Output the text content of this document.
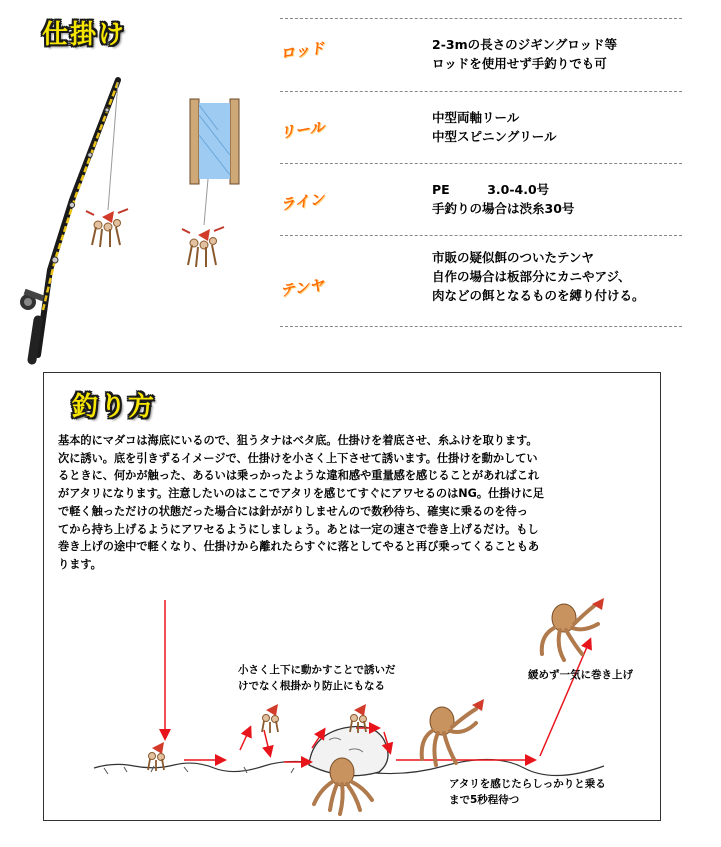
仕掛け
ロッド	2-3mの長さのジギングロッド等
ロッドを使用せず手釣りでも可
リール
中型両軸リール
中型スピニングリール
ライン
PE　　　3.0-4.0号
手釣りの場合は渋糸30号
テンヤ
市販の疑似餌のついたテンヤ
自作の場合は板部分にカニやアジ、
肉などの餌となるものを縛り付ける。
釣り方

基本的にマダコは海底にいるので、狙うタナはベタ底。仕掛けを着底させ、糸ふけを取ります。

次に誘い。底を引きずるイメージで、仕掛けを小さく上下させて誘います。仕掛けを動かしてい

るときに、何かが触った、あるいは乗っかったような違和感や重量感を感じることがあればこれ

がアタリになります。注意したいのはここでアタリを感じてすぐにアワセるのはNG。仕掛けに足

で軽く触っただけの状態だった場合には針ががりしませんので数秒待ち、確実に乗るのを待っ

てから持ち上げるようにアワセるようにしましょう。あとは一定の速さで巻き上げるだけ。もし

巻き上げの途中で軽くなり、仕掛けから離れたらすぐに落としてやると再び乗ってくることもあ

ります。

小さく上下に動かすことで誘いだ
けでなく根掛かり防止にもなる
緩めず一気に巻き上げ
アタリを感じたらしっかりと乗る
まで5秒程待つ
